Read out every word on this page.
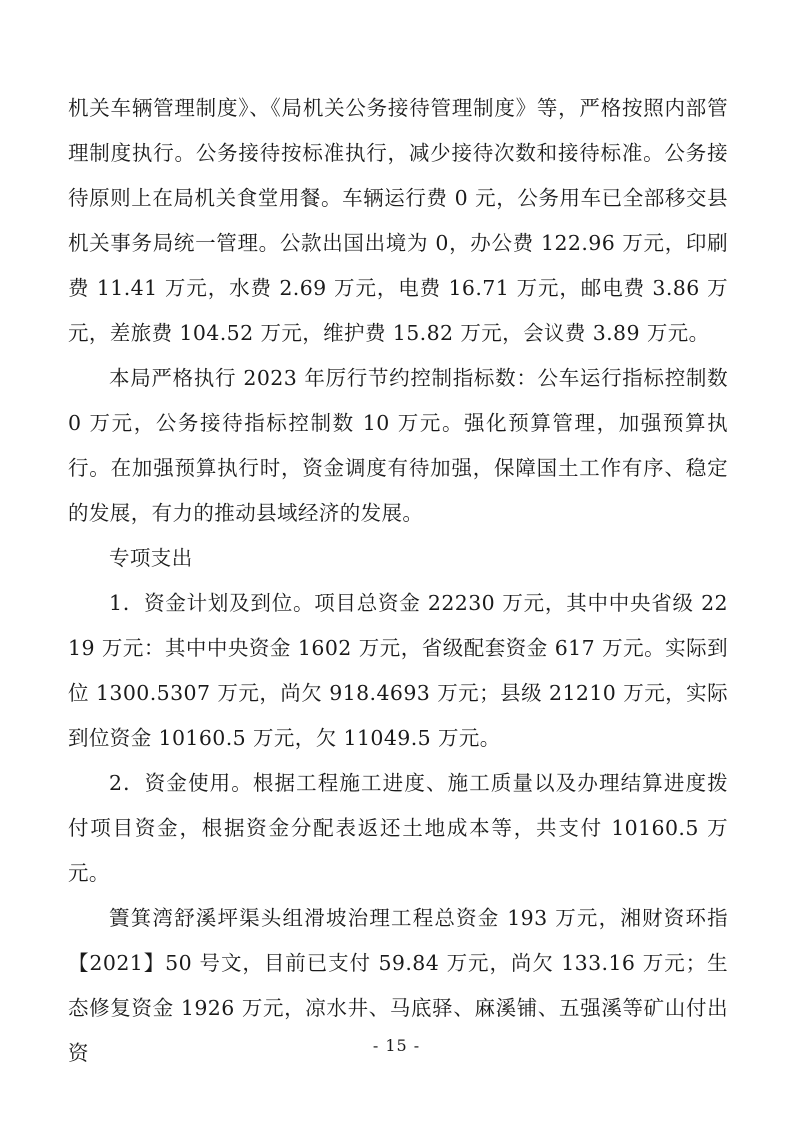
机关车辆管理制度》、《局机关公务接待管理制度》等，严格按照内部管理制度执行。公务接待按标准执行，减少接待次数和接待标准。公务接待原则上在局机关食堂用餐。车辆运行费 0 元，公务用车已全部移交县机关事务局统一管理。公款出国出境为 0，办公费 122.96 万元，印刷费 11.41 万元，水费 2.69 万元，电费 16.71 万元，邮电费 3.86 万元，差旅费 104.52 万元，维护费 15.82 万元，会议费 3.89 万元。

本局严格执行 2023 年厉行节约控制指标数：公车运行指标控制数 0 万元，公务接待指标控制数 10 万元。强化预算管理，加强预算执行。在加强预算执行时，资金调度有待加强，保障国土工作有序、稳定的发展，有力的推动县域经济的发展。

专项支出

1．资金计划及到位。项目总资金 22230 万元，其中中央省级 2219 万元：其中中央资金 1602 万元，省级配套资金 617 万元。实际到位 1300.5307 万元，尚欠 918.4693 万元；县级 21210 万元，实际到位资金 10160.5 万元，欠 11049.5 万元。

2．资金使用。根据工程施工进度、施工质量以及办理结算进度拨付项目资金，根据资金分配表返还土地成本等，共支付 10160.5 万元。

簀箕湾舒溪坪渠头组滑坡治理工程总资金 193 万元，湘财资环指【2021】50 号文，目前已支付 59.84 万元，尚欠 133.16 万元；生态修复资金 1926 万元，凉水井、马底驿、麻溪铺、五强溪等矿山付出资	- 15 -
